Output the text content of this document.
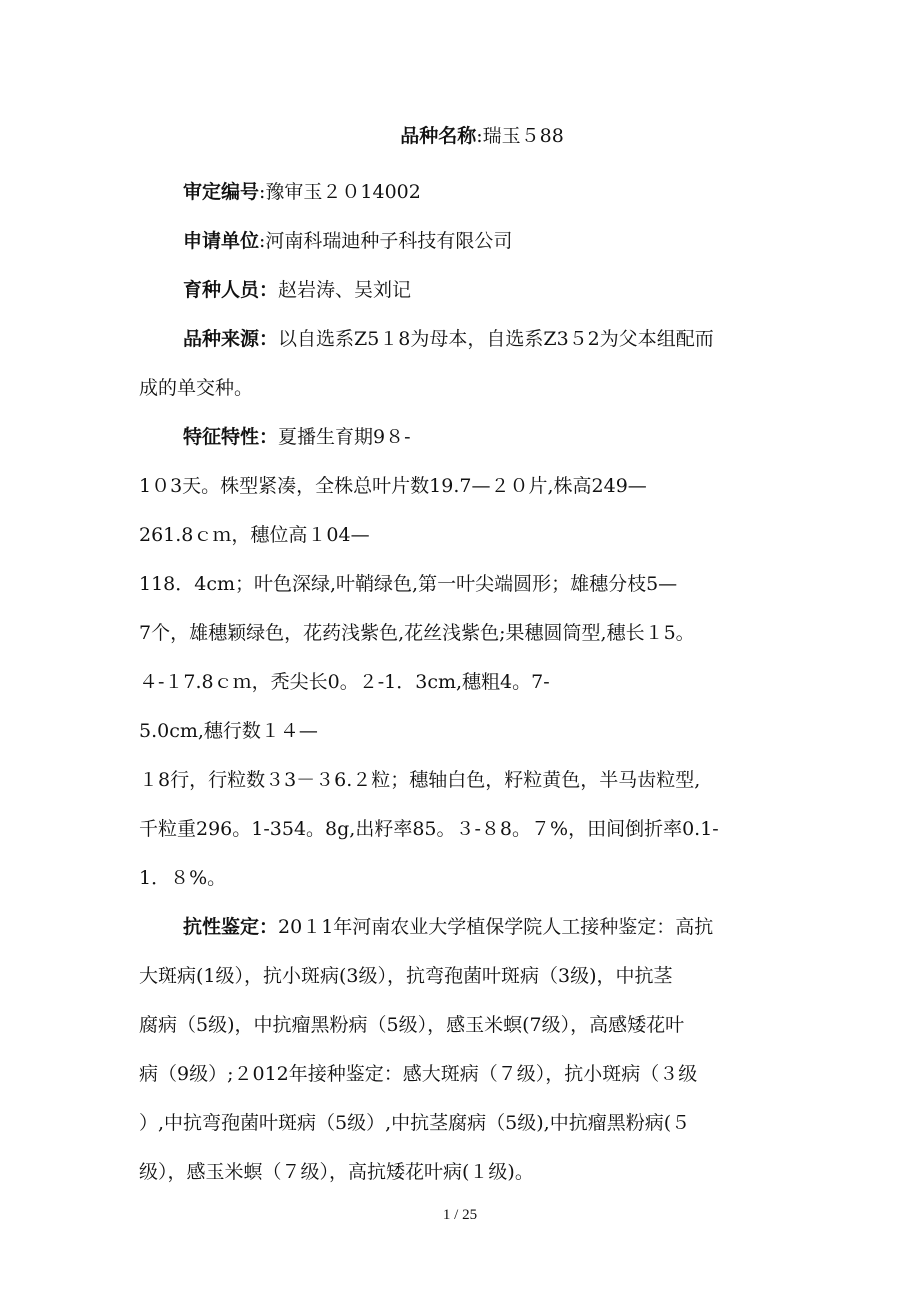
品种名称:瑞玉５88

审定编号:豫审玉２０14002

申请单位:河南科瑞迪种子科技有限公司

育种人员：赵岩涛、吴刘记

品种来源：以自选系Z5１8为母本，自选系Z3５2为父本组配而
成的单交种。
特征特性：夏播生育期9８-
1０3天。株型紧凑，全株总叶片数19.7—２０片,株高249—
261.8ｃｍ，穗位高１04—
118．4cm；叶色深绿,叶鞘绿色,第一叶尖端圆形；雄穗分枝5—
7个，雄穗颖绿色，花药浅紫色,花丝浅紫色;果穗圆筒型,穗长１5。
４-１7.8ｃｍ，秃尖长0。２-1．3cm,穗粗4。7-
5.0cm,穗行数１４—
１8行，行粒数３3－３6.２粒；穗轴白色，籽粒黄色，半马齿粒型,
千粒重296。1-354。8g,出籽率85。３-８8。７%，田间倒折率0.1-
1．８%。
抗性鉴定：20１1年河南农业大学植保学院人工接种鉴定：高抗
大斑病(1级），抗小斑病(3级），抗弯孢菌叶斑病（3级)，中抗茎
腐病（5级)，中抗瘤黑粉病（5级），感玉米螟(7级），高感矮花叶
病（9级）;２012年接种鉴定：感大斑病（７级），抗小斑病（３级
）,中抗弯孢菌叶斑病（5级）,中抗茎腐病（5级),中抗瘤黑粉病(５
级），感玉米螟（７级），高抗矮花叶病(１级)。
1 / 25
